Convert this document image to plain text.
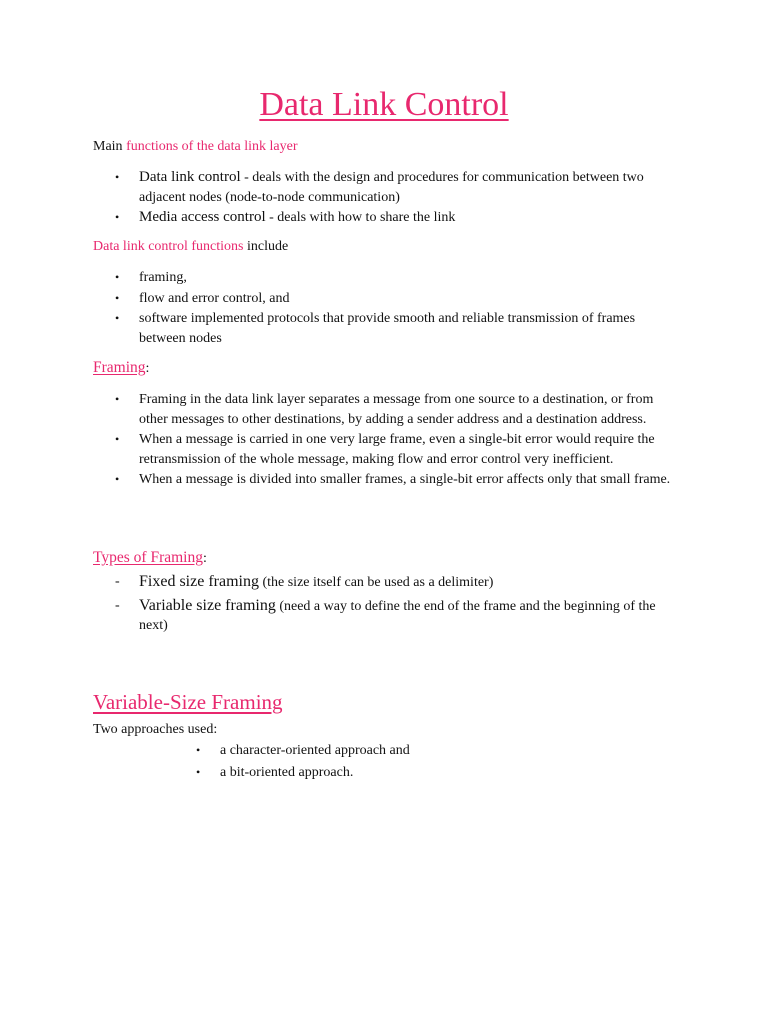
Data Link Control

Main functions of the data link layer

• Data link control - deals with the design and procedures for communication between two adjacent nodes (node-to-node communication)
• Media access control - deals with how to share the link

Data link control functions include

• framing,
• flow and error control, and
• software implemented protocols that provide smooth and reliable transmission of frames between nodes

Framing:

• Framing in the data link layer separates a message from one source to a destination, or from other messages to other destinations, by adding a sender address and a destination address.
• When a message is carried in one very large frame, even a single-bit error would require the retransmission of the whole message, making flow and error control very inefficient.
• When a message is divided into smaller frames, a single-bit error affects only that small frame.

Types of Framing:

- Fixed size framing (the size itself can be used as a delimiter)
- Variable size framing (need a way to define the end of the frame and the beginning of the next)
Variable-Size Framing

Two approaches used:

• a character-oriented approach and
• a bit-oriented approach.
